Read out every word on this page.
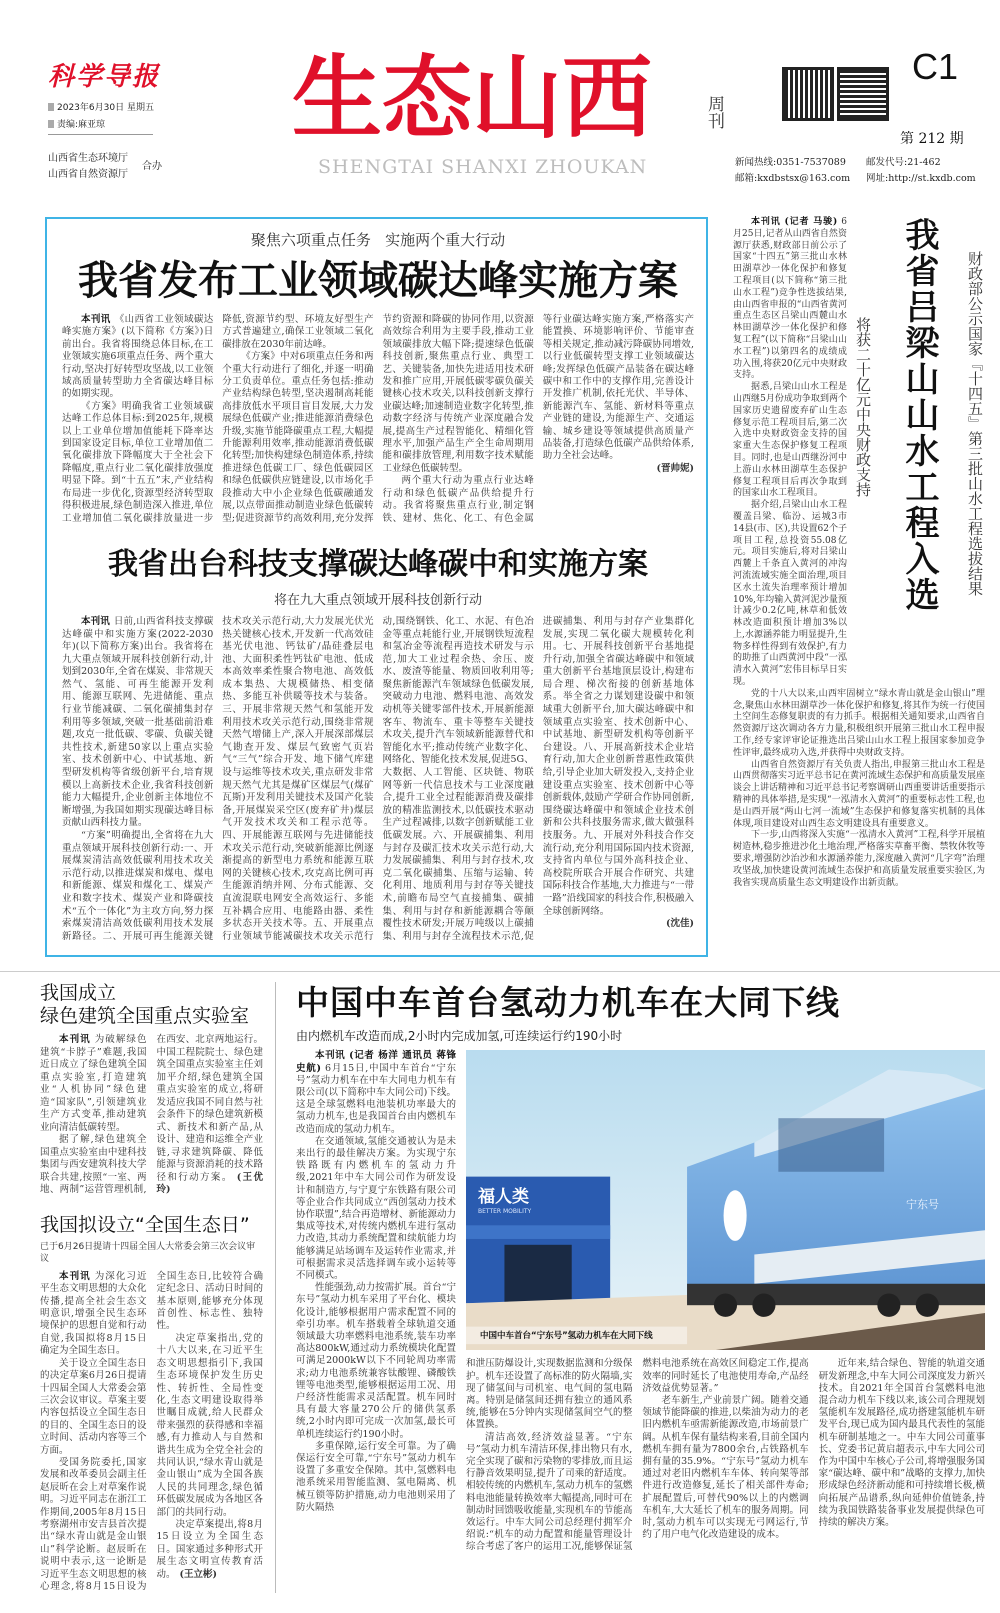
科学导报
2023年6月30日 星期五
责编:麻亚琼
山西省生态环境厅
山西省自然资源厅
合办
生态山西	周刊
SHENGTAI SHANXI ZHOUKAN
C1
第 212 期
新闻热线:0351-7537089 邮发代号:21-462
邮箱:kxdbstsx@163.com 网址:http://st.kxdb.com
聚焦六项重点任务   实施两个重大行动
我省发布工业领域碳达峰实施方案

本刊讯 《山西省工业领域碳达峰实施方案》(以下简称《方案》)日前出台。我省将围绕总体目标,在工业领域实施6项重点任务、两个重大行动,坚决打好转型攻坚战,以工业领域高质量转型助力全省碳达峰目标的如期实现。

《方案》明确我省工业领域碳达峰工作总体目标:到2025年,规模以上工业单位增加值能耗下降率达到国家设定目标,单位工业增加值二氧化碳排放下降幅度大于全社会下降幅度,重点行业二氧化碳排放强度明显下降。到“十五五”末,产业结构布局进一步优化,资源型经济转型取得积极进展,绿色制造深入推进,单位工业增加值二氧化碳排放量进一步降低,资源节约型、环境友好型生产方式普遍建立,确保工业领域二氧化碳排放在2030年前达峰。

《方案》中对6项重点任务和两个重大行动进行了细化,并逐一明确分工负责单位。重点任务包括:推动产业结构绿色转型,坚决遏制高耗能高排放低水平项目盲目发展,大力发展绿色低碳产业;推进能源消费绿色升级,实施节能降碳重点工程,大幅提升能源利用效率,推动能源消费低碳化转型;加快构建绿色制造体系,持续推进绿色低碳工厂、绿色低碳园区和绿色低碳供应链建设,以市场化手段推动大中小企业绿色低碳融通发展,以点带面推动制造业绿色低碳转型;促进资源节约高效利用,充分发挥节约资源和降碳的协同作用,以资源高效综合利用为主要手段,推动工业领域碳排放大幅下降;提速绿色低碳科技创新,聚焦重点行业、典型工艺、关键装备,加快先进适用技术研发和推广应用,开展低碳零碳负碳关键核心技术攻关,以科技创新支撑行业碳达峰;加速制造业数字化转型,推动数字经济与传统产业深度融合发展,提高生产过程智能化、精细化管理水平,加强产品生产全生命周期用能和碳排放管理,利用数字技术赋能工业绿色低碳转型。

两个重大行动为重点行业达峰行动和绿色低碳产品供给提升行动。我省将聚焦重点行业,制定钢铁、建材、焦化、化工、有色金属等行业碳达峰实施方案,严格落实产能置换、环境影响评价、节能审查等相关规定,推动减污降碳协同增效,以行业低碳转型支撑工业领域碳达峰;发挥绿色低碳产品装备在碳达峰碳中和工作中的支撑作用,完善设计开发推广机制,依托光伏、半导体、新能源汽车、氢能、新材料等重点产业链的建设,为能源生产、交通运输、城乡建设等领域提供高质量产品装备,打造绿色低碳产品供给体系,助力全社会达峰。

(晋帅妮)
我省出台科技支撑碳达峰碳中和实施方案
将在九大重点领域开展科技创新行动

本刊讯 日前,山西省科技支撑碳达峰碳中和实施方案(2022-2030年)(以下简称方案)出台。我省将在九大重点领域开展科技创新行动,计划到2030年,全省在煤炭、非常规天然气、氢能、可再生能源开发利用、能源互联网、先进储能、重点行业节能减碳、二氧化碳捕集封存利用等多领域,突破一批基础前沿难题,攻克一批低碳、零碳、负碳关键共性技术,新建50家以上重点实验室、技术创新中心、中试基地、新型研发机构等省级创新平台,培育规模以上高新技术企业,我省科技创新能力大幅提升,企业创新主体地位不断增强,为我国如期实现碳达峰目标贡献山西科技力量。

“方案”明确提出,全省将在九大重点领域开展科技创新行动:一、开展煤炭清洁高效低碳利用技术攻关示范行动,以推进煤炭和煤电、煤电和新能源、煤炭和煤化工、煤炭产业和数字技术、煤炭产业和降碳技术“五个一体化”为主攻方向,努力探索煤炭清洁高效低碳利用技术发展新路径。二、开展可再生能源关键技术攻关示范行动,大力发展光伏光热关键核心技术,开发新一代高效硅基光伏电池、钙钛矿/晶硅叠层电池、大面积柔性钙钛矿电池、低成本高效率柔性聚合物电池、高效低成本集热、大规模储热、相变储热、多能互补供暖等技术与装备。三、开展非常规天然气和氢能开发利用技术攻关示范行动,围绕非常规天然气增储上产,深入开展深部煤层气勘查开发、煤层气致密气页岩气“三气”综合开发、地下储气库建设与运维等技术攻关,重点研发非常规天然气尤其是煤矿区煤层气(煤矿瓦斯)开发利用关键技术及国产化装备,开展煤炭采空区(废弃矿井)煤层气开发技术攻关和工程示范等。四、开展能源互联网与先进储能技术攻关示范行动,突破新能源比例逐渐提高的新型电力系统和能源互联网的关键核心技术,攻克高比例可再生能源消纳并网、分布式能源、交直流混联电网安全高效运行、多能互补耦合应用、电能路由器、柔性多状态开关技术等。五、开展重点行业领域节能减碳技术攻关示范行动,围绕钢铁、化工、水泥、有色冶金等重点耗能行业,开展钢铁短流程和氢冶金等流程再造技术研发与示范,加大工业过程余热、余压、废水、废渣等能量、物质回收利用等;聚焦新能源汽车领域绿色低碳发展,突破动力电池、燃料电池、高效发动机等关键零部件技术,开展新能源客车、物流车、重卡等整车关键技术攻关,提升汽车领域新能源替代和智能化水平;推动传统产业数字化、网络化、智能化技术发展,促进5G、大数据、人工智能、区块链、物联网等新一代信息技术与工业深度融合,提升工业全过程能源消费及碳排放的精准监测技术,以低碳技术驱动生产过程减排,以数字创新赋能工业低碳发展。六、开展碳捕集、利用与封存及碳汇技术攻关示范行动,大力发展碳捕集、利用与封存技术,攻克二氧化碳捕集、压缩与运输、转化利用、地质利用与封存等关键技术,前瞻布局空气直接捕集、碳捕集、利用与封存和新能源耦合等颠覆性技术研发;开展万吨级以上碳捕集、利用与封存全流程技术示范,促进碳捕集、利用与封存产业集群化发展,实现二氧化碳大规模转化利用。七、开展科技创新平台基地提升行动,加强全省碳达峰碳中和领域重大创新平台基地顶层设计,构建布局合理、梯次衔接的创新基地体系。举全省之力谋划建设碳中和领域重大创新平台,加大碳达峰碳中和领域重点实验室、技术创新中心、中试基地、新型研发机构等创新平台建设。八、开展高新技术企业培育行动,加大企业创新普惠性政策供给,引导企业加大研发投入,支持企业建设重点实验室、技术创新中心等创新载体,鼓励产学研合作协同创新,围绕碳达峰碳中和领域企业技术创新和公共科技服务需求,做大做强科技服务。九、开展对外科技合作交流行动,充分利用国际国内技术资源,支持省内单位与国外高科技企业、高校院所联合开展合作研究、共建国际科技合作基地,大力推进与“一带一路”沿线国家的科技合作,积极融入全球创新网络。

(沈佳)
财政部公示国家『十四五』第三批山水工程选拔结果
我省吕梁山山水工程入选
将获二十亿元中央财政支持

本刊讯 (记者 马骏) 6月25日,记者从山西省自然资源厅获悉,财政部日前公示了国家“十四五”第三批山水林田湖草沙一体化保护和修复工程项目(以下简称“第三批山水工程”)竞争性选拔结果,由山西省申报的“山西省黄河重点生态区吕梁山西麓山水林田湖草沙一体化保护和修复工程”(以下简称“吕梁山山水工程”)以第四名的成绩成功入围,将获20亿元中央财政支持。

据悉,吕梁山山水工程是山西继5月份成功争取到两个国家历史遗留废弃矿山生态修复示范工程项目后,第二次入选中央财政资金支持的国家重大生态保护修复工程项目。同时,也是山西继汾河中上游山水林田湖草生态保护修复工程项目后再次争取到的国家山水工程项目。

据介绍,吕梁山山水工程覆盖吕梁、临汾、运城3市14县(市、区),共设置62个子项目工程,总投资55.08亿元。项目实施后,将对吕梁山西麓上千条直入黄河的冲沟河流流域实施全面治理,项目区水土流失治理率预计增加10%,年均输入黄河泥沙量预计减少0.2亿吨,林草和低效林改造面积预计增加3%以上,水源涵养能力明显提升,生物多样性得到有效保护,有力的助推了山西黄河中段“一泓清水入黄河”宏伟目标早日实现。

党的十八大以来,山西牢固树立“绿水青山就是金山银山”理念,聚焦山水林田湖草沙一体化保护和修复,将其作为统一行使国土空间生态修复职责的有力抓手。根据相关通知要求,山西省自然资源厅这次调动各方力量,积极组织开展第三批山水工程申报工作,经专家评审论证推选出吕梁山山水工程上报国家参加竞争性评审,最终成功入选,并获得中央财政支持。

山西省自然资源厅有关负责人指出,申报第三批山水工程是山西贯彻落实习近平总书记在黄河流域生态保护和高质量发展座谈会上讲话精神和习近平总书记考察调研山西重要讲话重要指示精神的具体举措,是实现“一泓清水入黄河”的重要标志性工程,也是山西开展“两山七河一流域”生态保护和修复落实机制的具体体现,项目建设对山西生态文明建设具有重要意义。

下一步,山西将深入实施“一泓清水入黄河”工程,科学开展植树造林,稳步推进沙化土地治理,严格落实草畜平衡、禁牧休牧等要求,增强防沙治沙和水源涵养能力,深度融入黄河“几字弯”治理攻坚战,加快建设黄河流域生态保护和高质量发展重要实验区,为我省实现高质量生态文明建设作出新贡献。

我国成立
绿色建筑全国重点实验室

本刊讯 为破解绿色建筑“卡脖子”难题,我国近日成立了绿色建筑全国重点实验室,打造建筑业“人机协同”绿色建造“国家队”,引领建筑业生产方式变革,推动建筑业向清洁低碳转型。

据了解,绿色建筑全国重点实验室由中建科技集团与西安建筑科技大学联合共建,按照“一室、两地、两制”运营管理机制,在西安、北京两地运行。中国工程院院士、绿色建筑全国重点实验室主任刘加平介绍,绿色建筑全国重点实验室的成立,将研发适应我国不同自然与社会条件下的绿色建筑新模式、新技术和新产品,从设计、建造和运维全产业链,寻求建筑降碳、降低能源与资源消耗的技术路径和行动方案。 (王优玲)

我国拟设立“全国生态日”
已于6月26日提请十四届全国人大常委会第三次会议审议

本刊讯 为深化习近平生态文明思想的大众化传播,提高全社会生态文明意识,增强全民生态环境保护的思想自觉和行动自觉,我国拟将8月15日确定为全国生态日。

关于设立全国生态日的决定草案6月26日提请十四届全国人大常委会第三次会议审议。草案主要内容包括设立全国生态日的目的、全国生态日的设立时间、活动内容等三个方面。

受国务院委托,国家发展和改革委员会副主任赵辰昕在会上对草案作说明。习近平同志在浙江工作期间,2005年8月15日考察湖州市安吉县首次提出“绿水青山就是金山银山”科学论断。赵辰昕在说明中表示,这一论断是习近平生态文明思想的核心理念,将8月15日设为全国生态日,比较符合确定纪念日、活动日时间的基本原则,能够充分体现首创性、标志性、独特性。

决定草案指出,党的十八大以来,在习近平生态文明思想指引下,我国生态环境保护发生历史性、转折性、全局性变化,生态文明建设取得举世瞩目成就,给人民群众带来强烈的获得感和幸福感,有力推动人与自然和谐共生成为全党全社会的共同认识,“绿水青山就是金山银山”成为全国各族人民的共同理念,绿色循环低碳发展成为各地区各部门的共同行动。

决定草案提出,将8月15日设立为全国生态日。国家通过多种形式开展生态文明宣传教育活动。 (王立彬)

中国中车首台氢动力机车在大同下线
由内燃机车改造而成,2小时内完成加氢,可连续运行约190小时

本刊讯 (记者 杨洋 通讯员 蒋锋 史航) 6月15日,中国中车首台“宁东号”氢动力机车在中车大同电力机车有限公司(以下简称中车大同公司)下线。这是全球氢燃料电池装机功率最大的氢动力机车,也是我国首台由内燃机车改造而成的氢动力机车。

在交通领域,氢能交通被认为是未来出行的最佳解决方案。为实现宁东铁路既有内燃机车的氢动力升级,2021年中车大同公司作为研发设计和制造方,与宁夏宁东铁路有限公司等企业合作共同成立“西创氢动力技术协作联盟”,结合再造增材、新能源动力集成等技术,对传统内燃机车进行氢动力改造,其动力系统配置和续航能力均能够满足站场调车及运转作业需求,并可根据需求灵活选择调车或小运转等不同模式。

性能强劲,动力按需扩展。首台“宁东号”氢动力机车采用了平台化、模块化设计,能够根据用户需求配置不同的牵引功率。机车搭载着全球轨道交通领域最大功率燃料电池系统,装车功率高达800kW,通过动力系统模块化配置可满足2000kW以下不同轮周功率需求;动力电池系统兼容钛酸锂、磷酸铁锂等电池类型,能够根据运用工况、用户经济性能需求灵活配置。机车同时具有最大容量270公斤的储供氢系统,2小时内即可完成一次加氢,最长可单机连续运行约190小时。

多重保障,运行安全可靠。为了确保运行安全可靠,“宁东号”氢动力机车设置了多重安全保障。其中,氢燃料电池系统采用智能监测、氢电隔离、机械互锁等防护措施,动力电池则采用了防火隔热

福人类
BETTER MOBILITY
宁东号
中国中车首台“宁东号”氢动力机车在大同下线

和泄压防爆设计,实现数据监测和分级保护。机车还设置了高标准的防火隔墙,实现了储氢间与司机室、电气间的氢电隔离。特别是储氢间还拥有独立的通风系统,能够在5分钟内实现储氢间空气的整体置换。

清洁高效,经济效益显著。“宁东号”氢动力机车清洁环保,排出物只有水,完全实现了碳和污染物的零排放,而且运行静音效果明显,提升了司乘的舒适度。相较传统的内燃机车,氢动力机车的氢燃料电池能量转换效率大幅提高,同时可在制动时回馈吸收能量,实现机车的节能高效运行。中车大同公司总经理付拥军介绍说:“机车的动力配置和能量管理设计综合考虑了客户的运用工况,能够保证氢燃料电池系统在高效区间稳定工作,提高效率的同时延长了电池使用寿命,产品经济效益优势显著。”

老车新生,产业前景广阔。随着交通领域节能降碳的推进,以柴油为动力的老旧内燃机车亟需新能源改造,市场前景广阔。从机车保有量结构来看,目前全国内燃机车拥有量为7800余台,占铁路机车拥有量的35.9%。“宁东号”氢动力机车通过对老旧内燃机车车体、转向架等部件进行改造修复,延长了相关部件寿命;扩展配置后,可替代90%以上的内燃调车机车,大大延长了机车的服务周期。同时,氢动力机车可以实现无弓网运行,节约了用户电气化改造建设的成本。

近年来,结合绿色、智能的轨道交通研发新理念,中车大同公司深度发力新兴技术。自2021年全国首台氢燃料电池混合动力机车下线以来,该公司合理规划氢能机车发展路径,成功搭建氢能机车研发平台,现已成为国内最具代表性的氢能机车研制基地之一。中车大同公司董事长、党委书记黄启超表示,中车大同公司作为中国中车核心子公司,将增强服务国家“碳达峰、碳中和”战略的支撑力,加快形成绿色经济新动能和可持续增长极,横向拓展产品谱系,纵向延伸价值链条,持续为我国铁路装备事业发展提供绿色可持续的解决方案。
